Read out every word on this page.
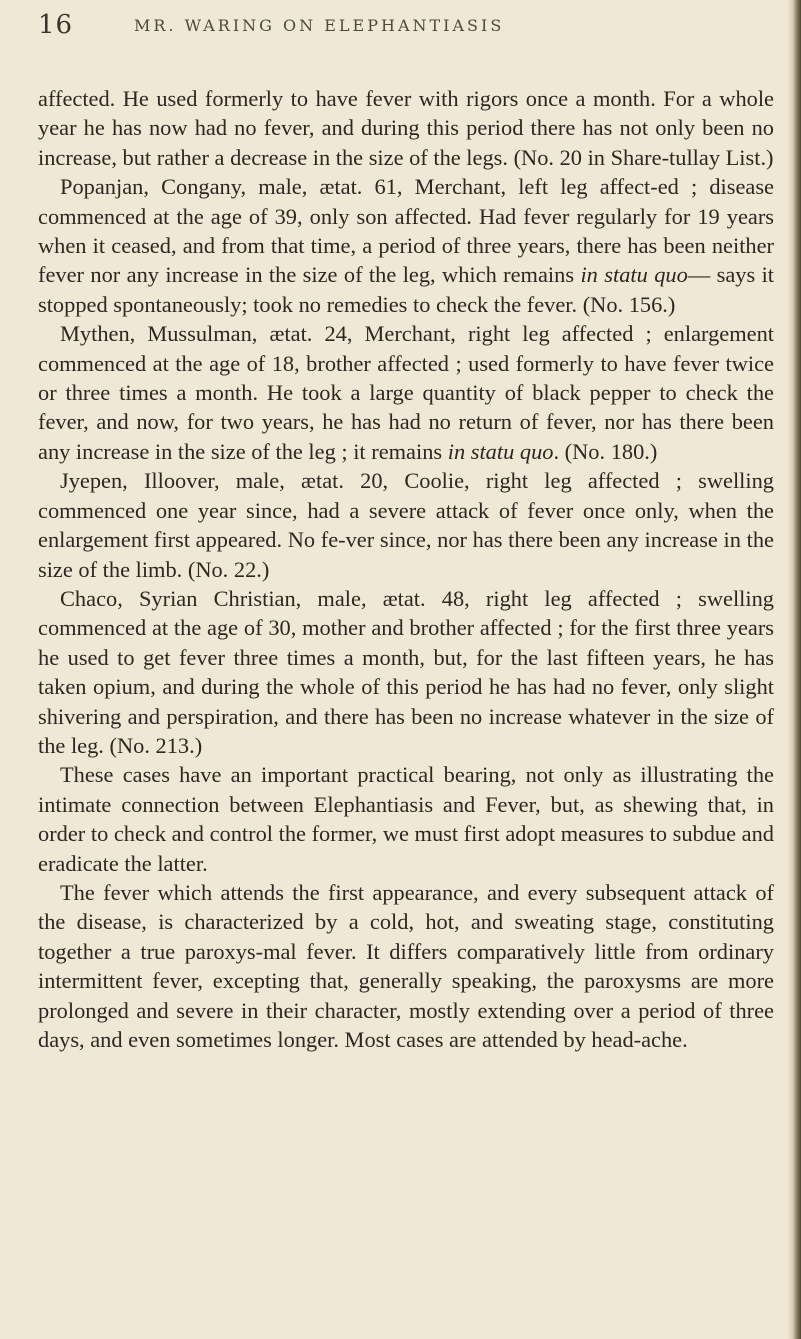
16	MR. WARING ON ELEPHANTIASIS

affected. He used formerly to have fever with rigors once a month. For a whole year he has now had no fever, and during this period there has not only been no increase, but rather a decrease in the size of the legs. (No. 20 in Share-tullay List.)

Popanjan, Congany, male, ætat. 61, Merchant, left leg affect-ed ; disease commenced at the age of 39, only son affected. Had fever regularly for 19 years when it ceased, and from that time, a period of three years, there has been neither fever nor any increase in the size of the leg, which remains in statu quo— says it stopped spontaneously; took no remedies to check the fever. (No. 156.)

Mythen, Mussulman, ætat. 24, Merchant, right leg affected ; enlargement commenced at the age of 18, brother affected ; used formerly to have fever twice or three times a month. He took a large quantity of black pepper to check the fever, and now, for two years, he has had no return of fever, nor has there been any increase in the size of the leg ; it remains in statu quo. (No. 180.)

Jyepen, Illoover, male, ætat. 20, Coolie, right leg affected ; swelling commenced one year since, had a severe attack of fever once only, when the enlargement first appeared. No fe-ver since, nor has there been any increase in the size of the limb. (No. 22.)

Chaco, Syrian Christian, male, ætat. 48, right leg affected ; swelling commenced at the age of 30, mother and brother affected ; for the first three years he used to get fever three times a month, but, for the last fifteen years, he has taken opium, and during the whole of this period he has had no fever, only slight shivering and perspiration, and there has been no increase whatever in the size of the leg. (No. 213.)

These cases have an important practical bearing, not only as illustrating the intimate connection between Elephantiasis and Fever, but, as shewing that, in order to check and control the former, we must first adopt measures to subdue and eradicate the latter.

The fever which attends the first appearance, and every subsequent attack of the disease, is characterized by a cold, hot, and sweating stage, constituting together a true paroxys-mal fever. It differs comparatively little from ordinary intermittent fever, excepting that, generally speaking, the paroxysms are more prolonged and severe in their character, mostly extending over a period of three days, and even sometimes longer. Most cases are attended by head-ache.
